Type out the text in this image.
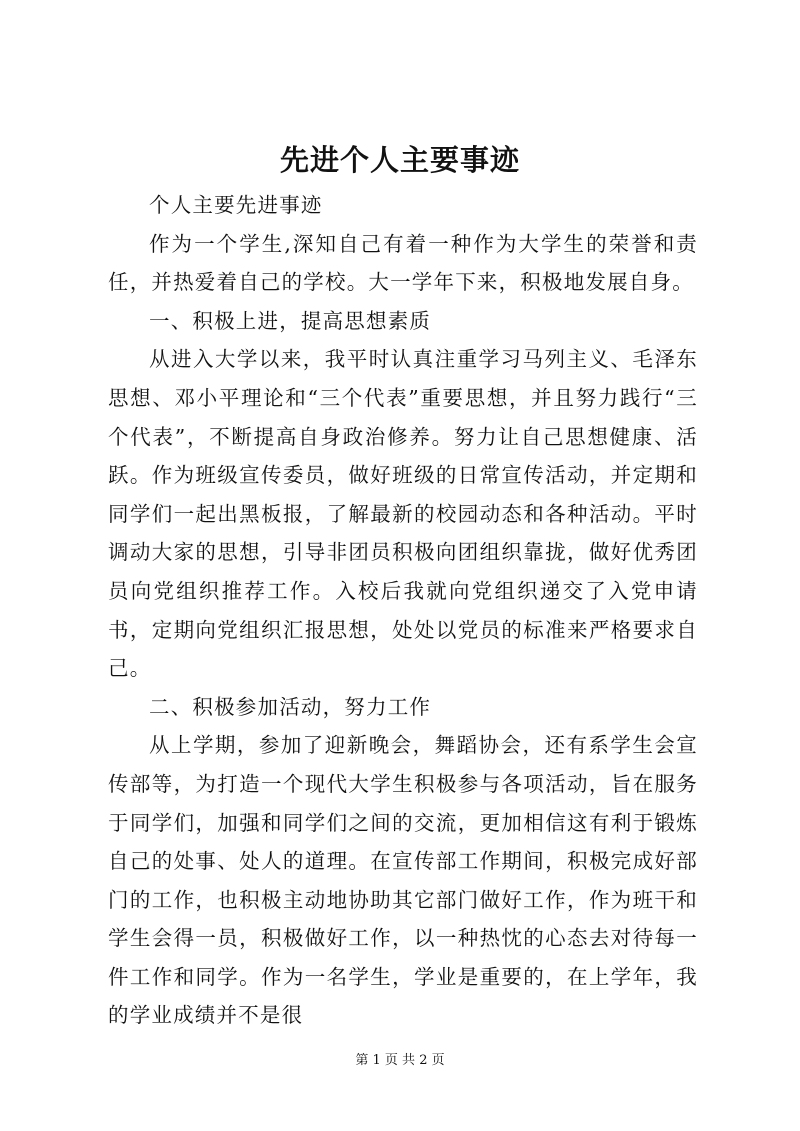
先进个人主要事迹

个人主要先进事迹

作为一个学生,深知自己有着一种作为大学生的荣誉和责任，并热爱着自己的学校。大一学年下来，积极地发展自身。

一、积极上进，提高思想素质

从进入大学以来，我平时认真注重学习马列主义、毛泽东思想、邓小平理论和“三个代表”重要思想，并且努力践行“三个代表”，不断提高自身政治修养。努力让自己思想健康、活跃。作为班级宣传委员，做好班级的日常宣传活动，并定期和同学们一起出黑板报，了解最新的校园动态和各种活动。平时调动大家的思想，引导非团员积极向团组织靠拢，做好优秀团员向党组织推荐工作。入校后我就向党组织递交了入党申请书，定期向党组织汇报思想，处处以党员的标准来严格要求自己。

二、积极参加活动，努力工作

从上学期，参加了迎新晚会，舞蹈协会，还有系学生会宣传部等，为打造一个现代大学生积极参与各项活动，旨在服务于同学们，加强和同学们之间的交流，更加相信这有利于锻炼自己的处事、处人的道理。在宣传部工作期间，积极完成好部门的工作，也积极主动地协助其它部门做好工作，作为班干和学生会得一员，积极做好工作，以一种热忱的心态去对待每一件工作和同学。作为一名学生，学业是重要的，在上学年，我的学业成绩并不是很

第 1 页 共 2 页
